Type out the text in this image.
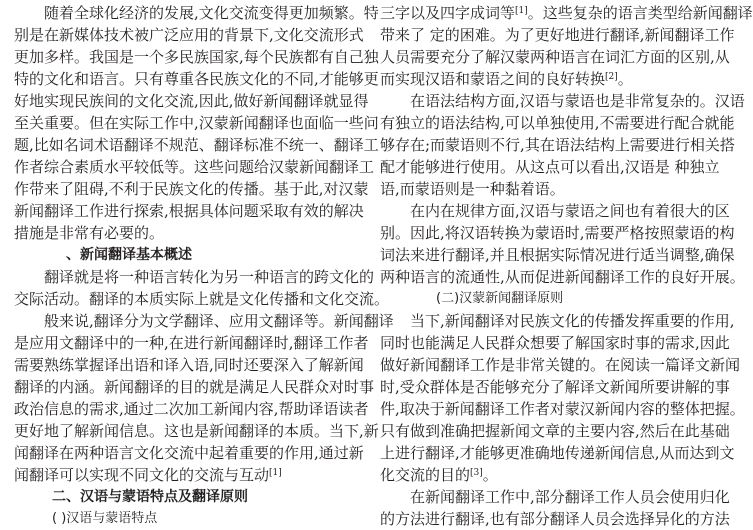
随着全球化经济的发展,文化交流变得更加频繁。特
别是在新媒体技术被广泛应用的背景下,文化交流形式
更加多样。我国是一个多民族国家,每个民族都有自己独
特的文化和语言。只有尊重各民族文化的不同,才能够更
好地实现民族间的文化交流,因此,做好新闻翻译就显得
至关重要。但在实际工作中,汉蒙新闻翻译也面临一些问
题,比如名词术语翻译不规范、翻译标准不统一、翻译工
作者综合素质水平较低等。这些问题给汉蒙新闻翻译工
作带来了阻碍,不利于民族文化的传播。基于此,对汉蒙
新闻翻译工作进行探索,根据具体问题采取有效的解决
措施是非常有必要的。
、新闻翻译基本概述
翻译就是将一种语言转化为另一种语言的跨文化的
交际活动。翻译的本质实际上就是文化传播和文化交流。
般来说,翻译分为文学翻译、应用文翻译等。新闻翻译
是应用文翻译中的一种,在进行新闻翻译时,翻译工作者
需要熟练掌握译出语和译入语,同时还要深入了解新闻
翻译的内涵。新闻翻译的目的就是满足人民群众对时事
政治信息的需求,通过二次加工新闻内容,帮助译语读者
更好地了解新闻信息。这也是新闻翻译的本质。当下,新
闻翻译在两种语言文化交流中起着重要的作用,通过新
闻翻译可以实现不同文化的交流与互动[1]
二、汉语与蒙语特点及翻译原则
( )汉语与蒙语特点
三字以及四字成词等[1]。这些复杂的语言类型给新闻翻译
带来了 定的困难。为了更好地进行翻译,新闻翻译工作
人员需要充分了解汉蒙两种语言在词汇方面的区别,从
而实现汉语和蒙语之间的良好转换[2]。
在语法结构方面,汉语与蒙语也是非常复杂的。汉语
有独立的语法结构,可以单独使用,不需要进行配合就能
够存在;而蒙语则不行,其在语法结构上需要进行相关搭
配才能够进行使用。从这点可以看出,汉语是 种独立
语,而蒙语则是一种黏着语。
在内在规律方面,汉语与蒙语之间也有着很大的区
别。因此,将汉语转换为蒙语时,需要严格按照蒙语的构
词法来进行翻译,并且根据实际情况进行适当调整,确保
两种语言的流通性,从而促进新闻翻译工作的良好开展。
(二)汉蒙新闻翻译原则
当下,新闻翻译对民族文化的传播发挥重要的作用,
同时也能满足人民群众想要了解国家时事的需求,因此
做好新闻翻译工作是非常关键的。在阅读一篇译文新闻
时,受众群体是否能够充分了解译文新闻所要讲解的事
件,取决于新闻翻译工作者对蒙汉新闻内容的整体把握。
只有做到准确把握新闻文章的主要内容,然后在此基础
上进行翻译,才能够更准确地传递新闻信息,从而达到文
化交流的目的[3]。
在新闻翻译工作中,部分翻译工作人员会使用归化
的方法进行翻译,也有部分翻译人员会选择异化的方法
